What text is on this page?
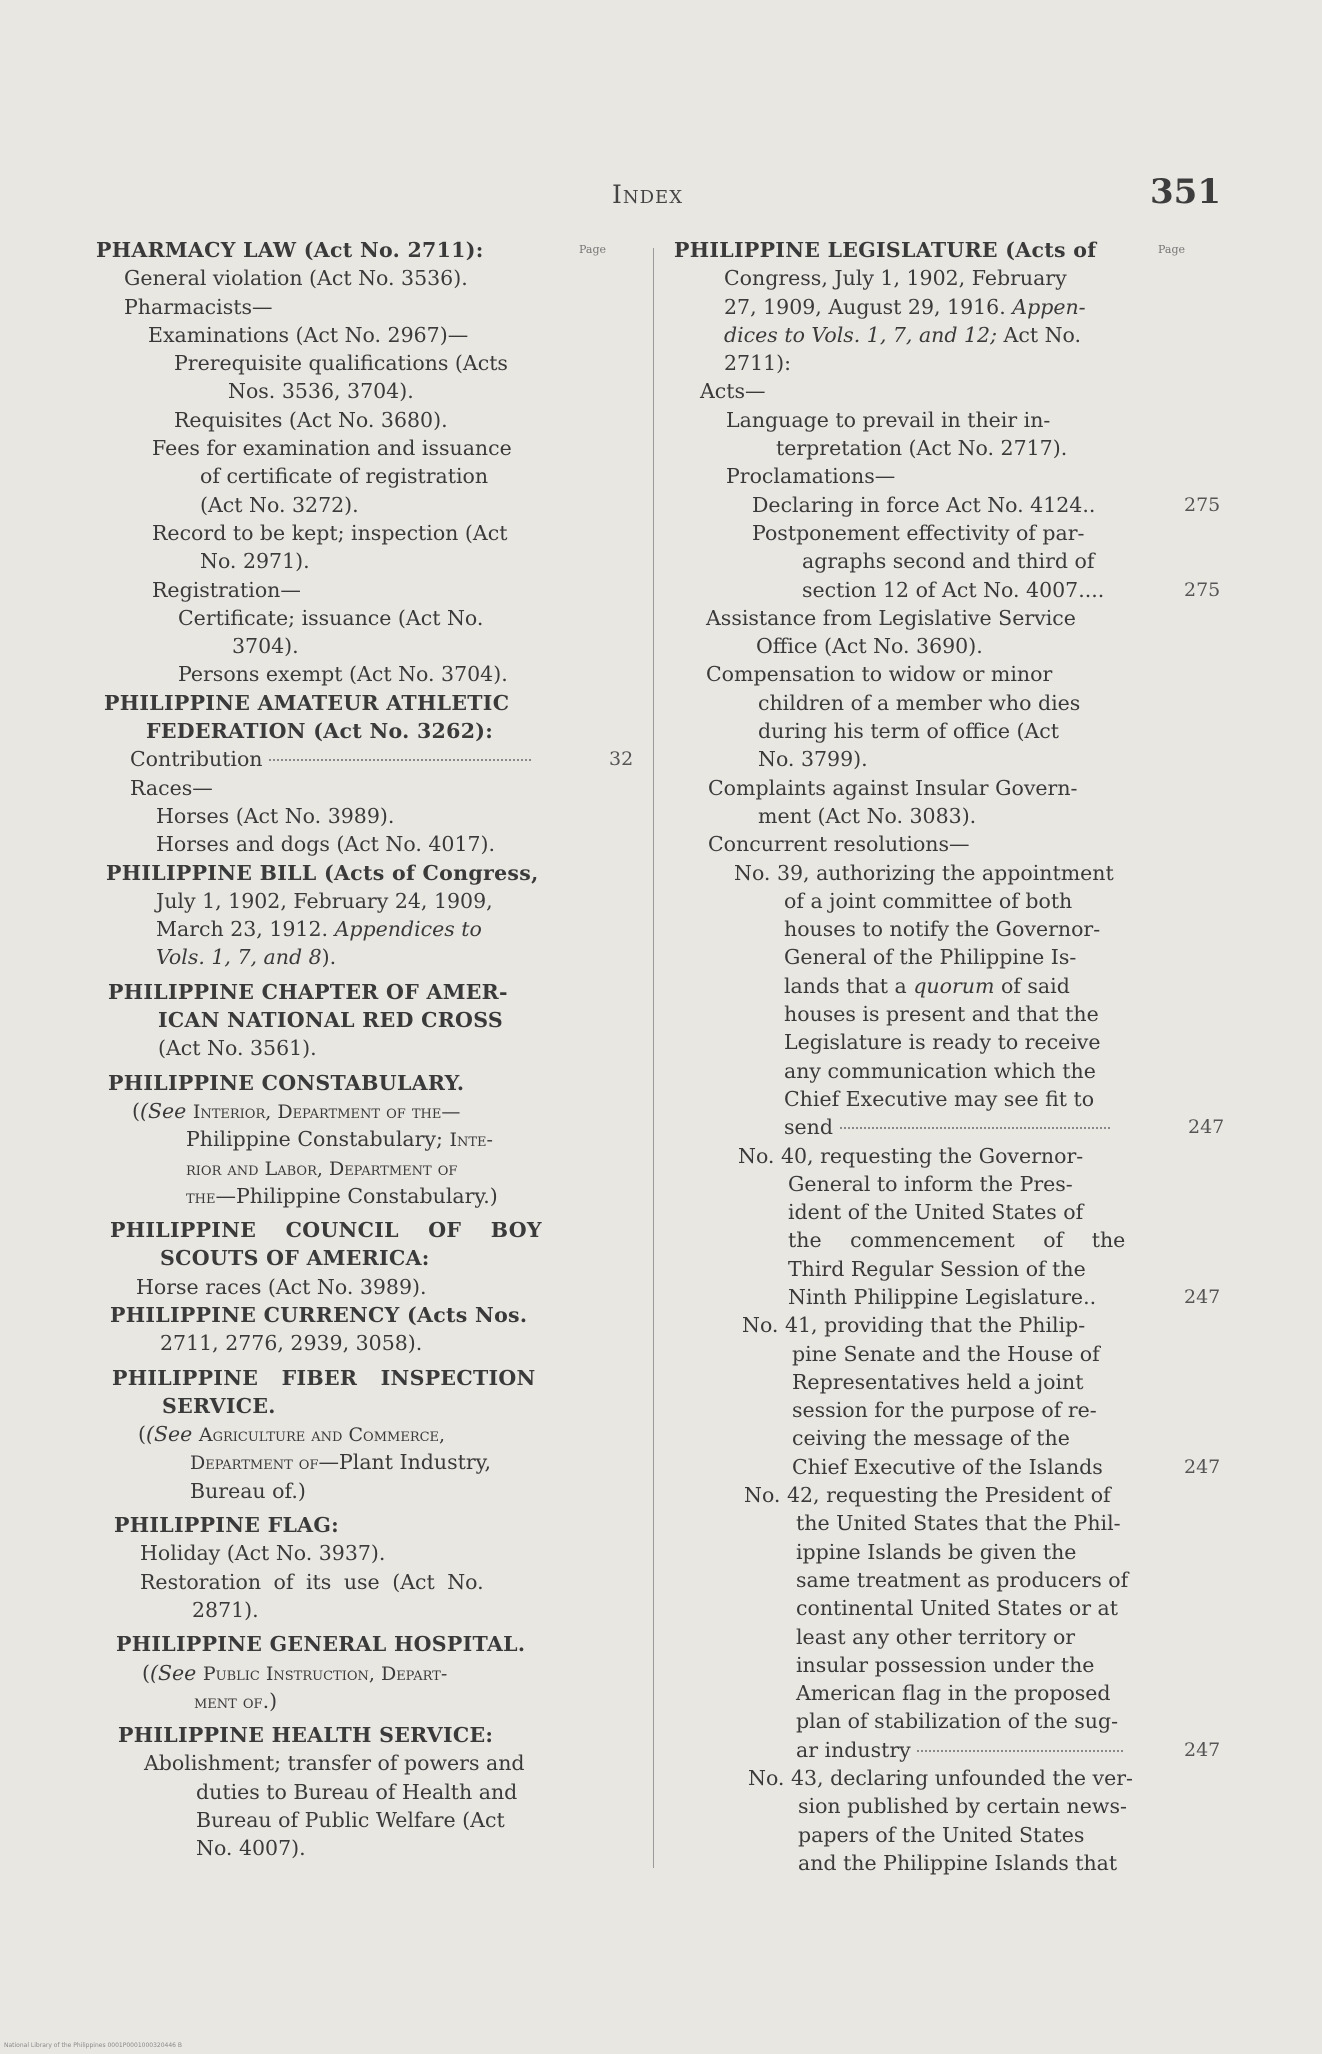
Index	351
Page	Page
PHARMACY LAW (Act No. 2711):
General violation (Act No. 3536).
Pharmacists—
Examinations (Act No. 2967)—
Prerequisite qualifications (Acts
Nos. 3536, 3704).
Requisites (Act No. 3680).
Fees for examination and issuance
of certificate of registration
(Act No. 3272).
Record to be kept; inspection (Act
No. 2971).
Registration—
Certificate; issuance (Act No.
3704).
Persons exempt (Act No. 3704).
PHILIPPINE AMATEUR ATHLETIC
FEDERATION (Act No. 3262):
Contribution	32
Races—
Horses (Act No. 3989).
Horses and dogs (Act No. 4017).
PHILIPPINE BILL (Acts of Congress,
July 1, 1902, February 24, 1909,
March 23, 1912. Appendices to
Vols. 1, 7, and 8).
PHILIPPINE CHAPTER OF AMER-
ICAN NATIONAL RED CROSS
(Act No. 3561).
PHILIPPINE CONSTABULARY.
((See Interior, Department of the—
Philippine Constabulary; Inte-
rior and Labor, Department of
the—Philippine Constabulary.)
PHILIPPINE COUNCIL OF BOY
SCOUTS OF AMERICA:
Horse races (Act No. 3989).
PHILIPPINE CURRENCY (Acts Nos.
2711, 2776, 2939, 3058).
PHILIPPINE FIBER INSPECTION
SERVICE.
((See Agriculture and Commerce,
Department of—Plant Industry,
Bureau of.)
PHILIPPINE FLAG:
Holiday (Act No. 3937).
Restoration of its use (Act No.
2871).
PHILIPPINE GENERAL HOSPITAL.
((See Public Instruction, Depart-
ment of.)
PHILIPPINE HEALTH SERVICE:
Abolishment; transfer of powers and
duties to Bureau of Health and
Bureau of Public Welfare (Act
No. 4007).
PHILIPPINE LEGISLATURE (Acts of
Congress, July 1, 1902, February
27, 1909, August 29, 1916. Appen-
dices to Vols. 1, 7, and 12; Act No.
2711):
Acts—
Language to prevail in their in-
terpretation (Act No. 2717).
Proclamations—
Declaring in force Act No. 4124..	275
Postponement effectivity of par-
agraphs second and third of
section 12 of Act No. 4007....	275
Assistance from Legislative Service
Office (Act No. 3690).
Compensation to widow or minor
children of a member who dies
during his term of office (Act
No. 3799).
Complaints against Insular Govern-
ment (Act No. 3083).
Concurrent resolutions—
No. 39, authorizing the appointment
of a joint committee of both
houses to notify the Governor-
General of the Philippine Is-
lands that a quorum of said
houses is present and that the
Legislature is ready to receive
any communication which the
Chief Executive may see fit to
send	247
No. 40, requesting the Governor-
General to inform the Pres-
ident of the United States of
the commencement of the
Third Regular Session of the
Ninth Philippine Legislature..	247
No. 41, providing that the Philip-
pine Senate and the House of
Representatives held a joint
session for the purpose of re-
ceiving the message of the
Chief Executive of the Islands	247
No. 42, requesting the President of
the United States that the Phil-
ippine Islands be given the
same treatment as producers of
continental United States or at
least any other territory or
insular possession under the
American flag in the proposed
plan of stabilization of the sug-
ar industry	247
No. 43, declaring unfounded the ver-
sion published by certain news-
papers of the United States
and the Philippine Islands that
National Library of the Philippines 0001P0001000320446 B
